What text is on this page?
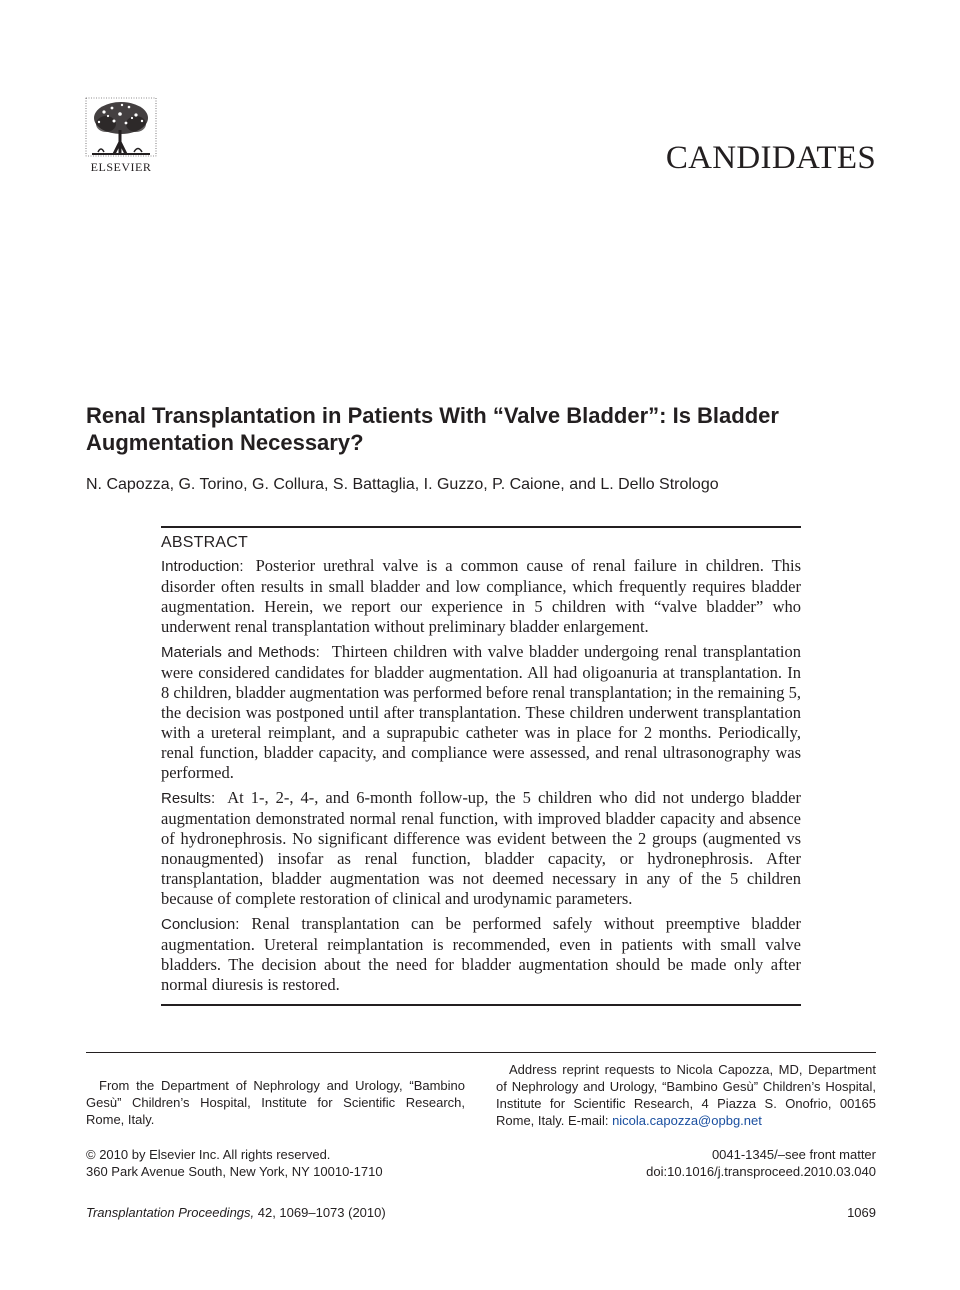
ELSEVIER	CANDIDATES
Renal Transplantation in Patients With “Valve Bladder”: Is Bladder Augmentation Necessary?
N. Capozza, G. Torino, G. Collura, S. Battaglia, I. Guzzo, P. Caione, and L. Dello Strologo
ABSTRACT

Introduction: Posterior urethral valve is a common cause of renal failure in children. This disorder often results in small bladder and low compliance, which frequently requires bladder augmentation. Herein, we report our experience in 5 children with “valve bladder” who underwent renal transplantation without preliminary bladder enlargement.

Materials and Methods: Thirteen children with valve bladder undergoing renal transplantation were considered candidates for bladder augmentation. All had oligoanuria at transplantation. In 8 children, bladder augmentation was performed before renal transplantation; in the remaining 5, the decision was postponed until after transplantation. These children underwent transplantation with a ureteral reimplant, and a suprapubic catheter was in place for 2 months. Periodically, renal function, bladder capacity, and compliance were assessed, and renal ultrasonography was performed.

Results: At 1-, 2-, 4-, and 6-month follow-up, the 5 children who did not undergo bladder augmentation demonstrated normal renal function, with improved bladder capacity and absence of hydronephrosis. No significant difference was evident between the 2 groups (augmented vs nonaugmented) insofar as renal function, bladder capacity, or hydronephrosis. After transplantation, bladder augmentation was not deemed necessary in any of the 5 children because of complete restoration of clinical and urodynamic parameters.

Conclusion: Renal transplantation can be performed safely without preemptive bladder augmentation. Ureteral reimplantation is recommended, even in patients with small valve bladders. The decision about the need for bladder augmentation should be made only after normal diuresis is restored.

From the Department of Nephrology and Urology, “Bambino Gesù” Children’s Hospital, Institute for Scientific Research, Rome, Italy.
Address reprint requests to Nicola Capozza, MD, Department of Nephrology and Urology, “Bambino Gesù” Children’s Hospital, Institute for Scientific Research, 4 Piazza S. Onofrio, 00165 Rome, Italy. E-mail: nicola.capozza@opbg.net
© 2010 by Elsevier Inc. All rights reserved.
360 Park Avenue South, New York, NY 10010-1710
0041-1345/–see front matter
doi:10.1016/j.transproceed.2010.03.040
Transplantation Proceedings, 42, 1069–1073 (2010)	1069
